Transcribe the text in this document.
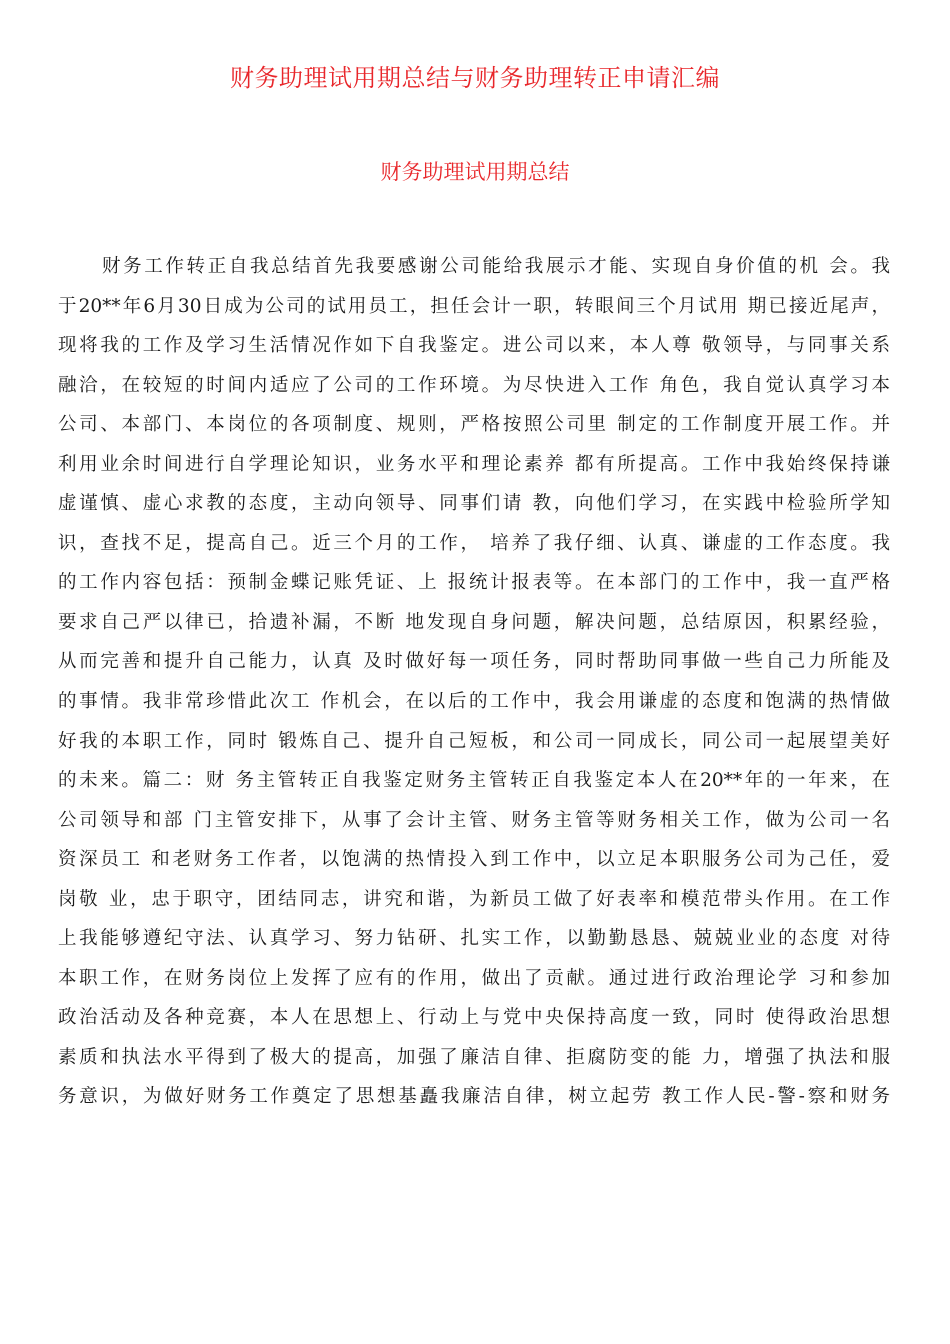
财务助理试用期总结与财务助理转正申请汇编
财务助理试用期总结
财务工作转正自我总结首先我要感谢公司能给我展示才能、实现自身价值的机 会。我
于20**年6月30日成为公司的试用员工，担任会计一职，转眼间三个月试用 期已接近尾声，
现将我的工作及学习生活情况作如下自我鉴定。进公司以来，本人尊 敬领导，与同事关系
融洽，在较短的时间内适应了公司的工作环境。为尽快进入工作 角色，我自觉认真学习本
公司、本部门、本岗位的各项制度、规则，严格按照公司里 制定的工作制度开展工作。并
利用业余时间进行自学理论知识，业务水平和理论素养 都有所提高。工作中我始终保持谦
虚谨慎、虚心求教的态度，主动向领导、同事们请 教，向他们学习，在实践中检验所学知
识，查找不足，提高自己。近三个月的工作， 培养了我仔细、认真、谦虚的工作态度。我
的工作内容包括：预制金蝶记账凭证、上 报统计报表等。在本部门的工作中，我一直严格
要求自己严以律已，拾遗补漏，不断 地发现自身问题，解决问题，总结原因，积累经验，
从而完善和提升自己能力，认真 及时做好每一项任务，同时帮助同事做一些自己力所能及
的事情。我非常珍惜此次工 作机会，在以后的工作中，我会用谦虚的态度和饱满的热情做
好我的本职工作，同时 锻炼自己、提升自己短板，和公司一同成长，同公司一起展望美好
的未来。篇二：财 务主管转正自我鉴定财务主管转正自我鉴定本人在20**年的一年来，在
公司领导和部 门主管安排下，从事了会计主管、财务主管等财务相关工作，做为公司一名
资深员工 和老财务工作者，以饱满的热情投入到工作中，以立足本职服务公司为己任，爱
岗敬 业，忠于职守，团结同志，讲究和谐，为新员工做了好表率和模范带头作用。在工作
上我能够遵纪守法、认真学习、努力钻研、扎实工作，以勤勤恳恳、兢兢业业的态度 对待
本职工作，在财务岗位上发挥了应有的作用，做出了贡献。通过进行政治理论学 习和参加
政治活动及各种竞赛，本人在思想上、行动上与党中央保持高度一致，同时 使得政治思想
素质和执法水平得到了极大的提高，加强了廉洁自律、拒腐防变的能 力，增强了执法和服
务意识，为做好财务工作奠定了思想基矗我廉洁自律，树立起劳 教工作人民-警-察和财务
